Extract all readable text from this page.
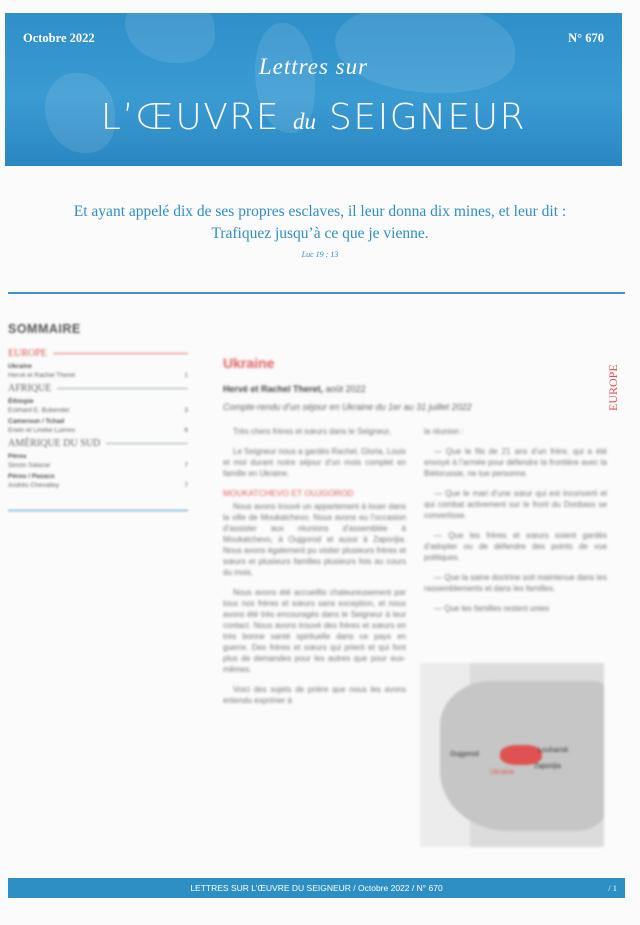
Octobre 2022	N° 670
Lettres sur
L’ŒUVRE du SEIGNEUR
Et ayant appelé dix de ses propres esclaves, il leur donna dix mines, et leur dit :
Trafiquez jusqu’à ce que je vienne.
Luc 19 : 13
SOMMAIRE
EUROPE
Ukraine
Hervé et Rachel Theret	1
AFRIQUE
Éthiopie
Eckhard E. Bubender	3
Cameroun / Tchad
Erwin et Lineke Luimes	6
AMÉRIQUE DU SUD
Pérou
Simón Salazar	7
Pérou / Pasaco
Andrés Chevalley	7
EUROPE
Ukraine
Hervé et Rachel Theret, août 2022
Compte-rendu d’un séjour en Ukraine du 1er au 31 juillet 2022

Très chers frères et sœurs dans le Seigneur,

Le Seigneur nous a gardés Rachel, Gloria, Louis et moi durant notre séjour d’un mois complet en famille en Ukraine.

MOUKATCHEVO ET OUJGOROD

Nous avons trouvé un appartement à louer dans la ville de Moukatchevo. Nous avons eu l’occasion d’assister aux réunions d’assemblée à Moukatchevo, à Oujgorod et aussi à Zaporijia. Nous avons également pu visiter plusieurs frères et sœurs et plusieurs familles plusieurs fois au cours du mois.

Nous avons été accueillis chaleureusement par tous nos frères et sœurs sans exception, et nous avons été très encouragés dans le Seigneur à leur contact. Nous avons trouvé des frères et sœurs en très bonne santé spirituelle dans ce pays en guerre. Des frères et sœurs qui prient et qui font plus de demandes pour les autres que pour eux-mêmes.

Voici des sujets de prière que nous les avons entendu exprimer à

la réunion :

— Que le fils de 21 ans d’un frère, qui a été envoyé à l’armée pour défendre la frontière avec la Biélorussie, ne tue personne.

— Que le mari d’une sœur qui est inconverti et qui combat activement sur le front du Donbass se convertisse.

— Que les frères et sœurs soient gardés d’adopter ou de défendre des points de vue politiques.

— Que la saine doctrine soit maintenue dans les rassemblements et dans les familles.

— Que les familles restent unies

Oujgorod
Louhansk
Zaporijia
Ukraine
LETTRES SUR L’ŒUVRE DU SEIGNEUR / Octobre 2022 / N° 670	/ 1
